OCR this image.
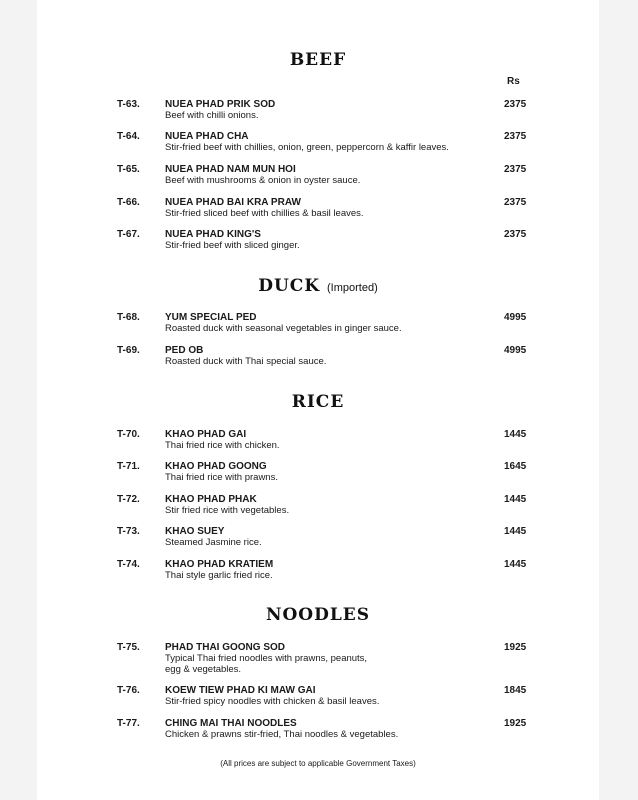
BEEF
Rs
T-63.	NUEA PHAD PRIK SOD
Beef with chilli onions.
2375
T-64.	NUEA PHAD CHA
Stir-fried beef with chillies, onion, green, peppercorn & kaffir leaves.
2375
T-65.	NUEA PHAD NAM MUN HOI
Beef with mushrooms & onion in oyster sauce.
2375
T-66.	NUEA PHAD BAI KRA PRAW
Stir-fried sliced beef with chillies & basil leaves.
2375
T-67.	NUEA PHAD KING'S
Stir-fried beef with sliced ginger.
2375
DUCK (Imported)
T-68.	YUM SPECIAL PED
Roasted duck with seasonal vegetables in ginger sauce.
4995
T-69.	PED OB
Roasted duck with Thai special sauce.
4995
RICE
T-70.	KHAO PHAD GAI
Thai fried rice with chicken.
1445
T-71.	KHAO PHAD GOONG
Thai fried rice with prawns.
1645
T-72.	KHAO PHAD PHAK
Stir fried rice with vegetables.
1445
T-73.	KHAO SUEY
Steamed Jasmine rice.
1445
T-74.	KHAO PHAD KRATIEM
Thai style garlic fried rice.
1445
NOODLES
T-75.	PHAD THAI GOONG SOD
Typical Thai fried noodles with prawns, peanuts, egg & vegetables.
1925
T-76.	KOEW TIEW PHAD KI MAW GAI
Stir-fried spicy noodles with chicken & basil leaves.
1845
T-77.	CHING MAI THAI NOODLES
Chicken & prawns stir-fried, Thai noodles & vegetables.
1925
(All prices are subject to applicable Government Taxes)
